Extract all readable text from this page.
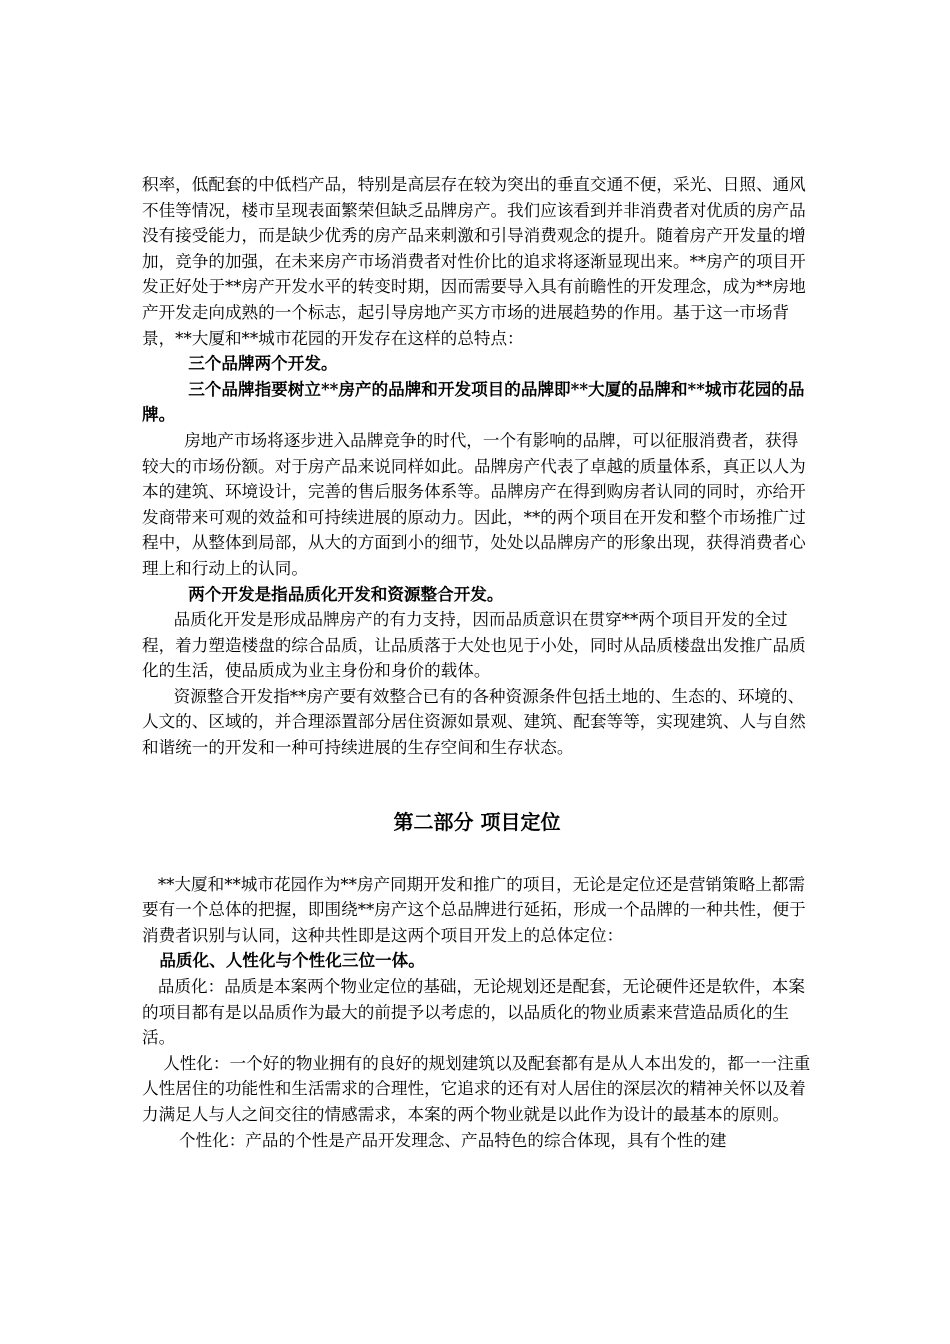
积率，低配套的中低档产品，特别是高层存在较为突出的垂直交通不便，采光、日照、通风不佳等情况，楼市呈现表面繁荣但缺乏品牌房产。我们应该看到并非消费者对优质的房产品没有接受能力，而是缺少优秀的房产品来刺激和引导消费观念的提升。随着房产开发量的增加，竞争的加强，在未来房产市场消费者对性价比的追求将逐渐显现出来。**房产的项目开发正好处于**房产开发水平的转变时期，因而需要导入具有前瞻性的开发理念，成为**房地产开发走向成熟的一个标志，起引导房地产买方市场的进展趋势的作用。基于这一市场背景，**大厦和**城市花园的开发存在这样的总特点：

三个品牌两个开发。

三个品牌指要树立**房产的品牌和开发项目的品牌即**大厦的品牌和**城市花园的品牌。

房地产市场将逐步进入品牌竞争的时代，一个有影响的品牌，可以征服消费者，获得较大的市场份额。对于房产品来说同样如此。品牌房产代表了卓越的质量体系，真正以人为本的建筑、环境设计，完善的售后服务体系等。品牌房产在得到购房者认同的同时，亦给开发商带来可观的效益和可持续进展的原动力。因此，**的两个项目在开发和整个市场推广过程中，从整体到局部，从大的方面到小的细节，处处以品牌房产的形象出现，获得消费者心理上和行动上的认同。

两个开发是指品质化开发和资源整合开发。

品质化开发是形成品牌房产的有力支持，因而品质意识在贯穿**两个项目开发的全过程，着力塑造楼盘的综合品质，让品质落于大处也见于小处，同时从品质楼盘出发推广品质化的生活，使品质成为业主身份和身价的载体。

资源整合开发指**房产要有效整合已有的各种资源条件包括土地的、生态的、环境的、人文的、区域的，并合理添置部分居住资源如景观、建筑、配套等等，实现建筑、人与自然和谐统一的开发和一种可持续进展的生存空间和生存状态。

第二部分 项目定位

**大厦和**城市花园作为**房产同期开发和推广的项目，无论是定位还是营销策略上都需要有一个总体的把握，即围绕**房产这个总品牌进行延拓，形成一个品牌的一种共性，便于消费者识别与认同，这种共性即是这两个项目开发上的总体定位：

品质化、人性化与个性化三位一体。

品质化：品质是本案两个物业定位的基础，无论规划还是配套，无论硬件还是软件，本案的项目都有是以品质作为最大的前提予以考虑的，以品质化的物业质素来营造品质化的生活。

人性化：一个好的物业拥有的良好的规划建筑以及配套都有是从人本出发的，都一一注重人性居住的功能性和生活需求的合理性，它追求的还有对人居住的深层次的精神关怀以及着力满足人与人之间交往的情感需求，本案的两个物业就是以此作为设计的最基本的原则。

个性化：产品的个性是产品开发理念、产品特色的综合体现，具有个性的建
